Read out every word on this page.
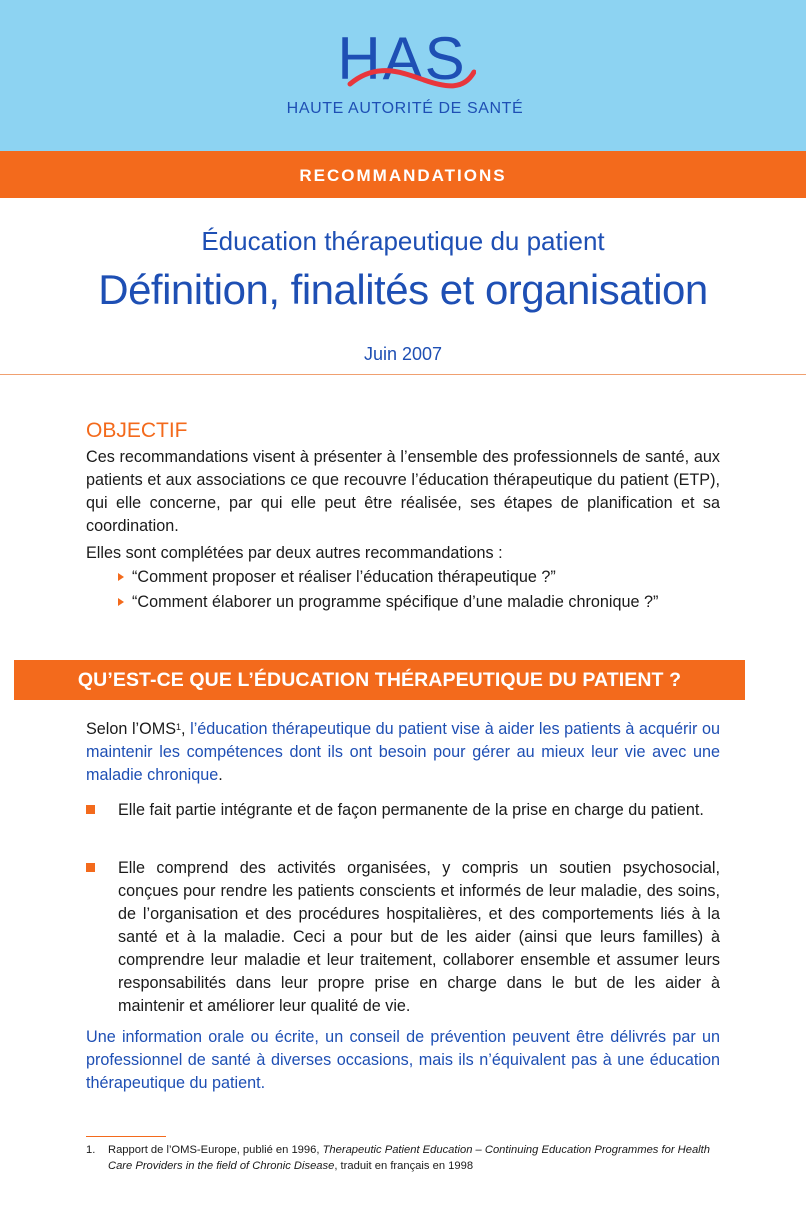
HAS
HAUTE AUTORITÉ DE SANTÉ
RECOMMANDATIONS
Éducation thérapeutique du patient
Définition, finalités et organisation
Juin 2007
OBJECTIF
Ces recommandations visent à présenter à l’ensemble des professionnels de santé, aux patients et aux associations ce que recouvre l’éducation thérapeutique du patient (ETP), qui elle concerne, par qui elle peut être réalisée, ses étapes de planification et sa coordination.
Elles sont complétées par deux autres recommandations :
“Comment proposer et réaliser l’éducation thérapeutique ?”
“Comment élaborer un programme spécifique d’une maladie chronique ?”
QU’EST-CE QUE L’ÉDUCATION THÉRAPEUTIQUE DU PATIENT ?
Selon l’OMS$^1$, l’éducation thérapeutique du patient vise à aider les patients à acquérir ou maintenir les compétences dont ils ont besoin pour gérer au mieux leur vie avec une maladie chronique.
Elle fait partie intégrante et de façon permanente de la prise en charge du patient.
Elle comprend des activités organisées, y compris un soutien psychosocial, conçues pour rendre les patients conscients et informés de leur maladie, des soins, de l’organisation et des procédures hospitalières, et des comportements liés à la santé et à la maladie. Ceci a pour but de les aider (ainsi que leurs familles) à comprendre leur maladie et leur traitement, collaborer ensemble et assumer leurs responsabilités dans leur propre prise en charge dans le but de les aider à maintenir et améliorer leur qualité de vie.
Une information orale ou écrite, un conseil de prévention peuvent être délivrés par un professionnel de santé à diverses occasions, mais ils n’équivalent pas à une éducation thérapeutique du patient.
1. Rapport de l’OMS-Europe, publié en 1996, Therapeutic Patient Education – Continuing Education Programmes for Health Care Providers in the field of Chronic Disease, traduit en français en 1998
